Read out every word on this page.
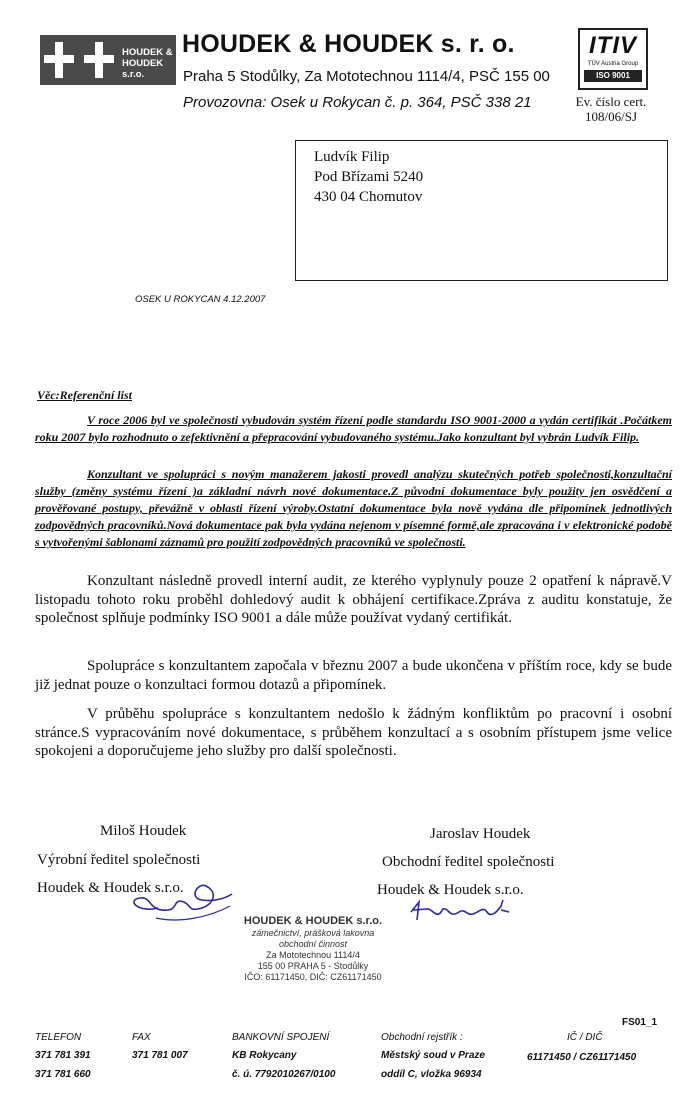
HOUDEK &
HOUDEK s.r.o.
HOUDEK & HOUDEK s. r. o.
Praha 5 Stodůlky, Za Mototechnou 1114/4, PSČ 155 00
Provozovna: Osek u Rokycan č. p. 364, PSČ 338 21
ITIV
TÜV Austria Group
ISO 9001
Ev. číslo cert.
108/06/SJ
Ludvík Filip
Pod Břízami 5240
430 04 Chomutov
OSEK U ROKYCAN 4.12.2007
Věc:Referenční list
V roce 2006 byl ve společnosti vybudován systém řízení podle standardu ISO 9001-2000 a vydán certifikát .Počátkem roku 2007 bylo rozhodnuto o zefektivnění a přepracování vybudovaného systému.Jako konzultant byl vybrán Ludvík Filip.
Konzultant ve spolupráci s novým manažerem jakosti provedl analýzu skutečných potřeb společnosti,konzultační služby (změny systému řízení )a základní návrh nové dokumentace.Z původní dokumentace byly použity jen osvědčení a prověřované postupy, převážně v oblasti řízení výroby.Ostatní dokumentace byla nově vydána dle připomínek jednotlivých zodpovědných pracovníků.Nová dokumentace pak byla vydána nejenom v písemné formě,ale zpracována i v elektronické podobě s vytvořenými šablonami záznamů pro použití zodpovědných pracovníků ve společnosti.
Konzultant následně provedl interní audit, ze kterého vyplynuly pouze 2 opatření k nápravě.V listopadu tohoto roku proběhl dohledový audit k obhájení certifikace.Zpráva z auditu konstatuje, že společnost splňuje podmínky ISO 9001 a dále může používat vydaný certifikát.
Spolupráce s konzultantem započala v březnu 2007 a bude ukončena v příštím roce, kdy se bude již jednat pouze o konzultaci formou dotazů a připomínek.
V průběhu spolupráce s konzultantem nedošlo k žádným konfliktům po pracovní i osobní stránce.S vypracováním nové dokumentace, s průběhem konzultací a s osobním přístupem jsme velice spokojeni a doporučujeme jeho služby pro další společnosti.
Miloš Houdek
Výrobní ředitel společnosti
Houdek & Houdek s.r.o.
Jaroslav Houdek
Obchodní ředitel společnosti
Houdek & Houdek s.r.o.
HOUDEK & HOUDEK s.r.o.
zámečnictví, prášková lakovna
obchodní činnost
Za Mototechnou 1114/4
155 00 PRAHA 5 - Stodůlky
IČO: 61171450, DIČ: CZ61171450
FS01_1
TELEFON
371 781 391
371 781 660
FAX
371 781 007
BANKOVNÍ SPOJENÍ
KB Rokycany
č. ú. 7792010267/0100
Obchodní rejstřík :
Městský soud v Praze
oddíl C, vložka 96934
IČ / DIČ
61171450 / CZ61171450
